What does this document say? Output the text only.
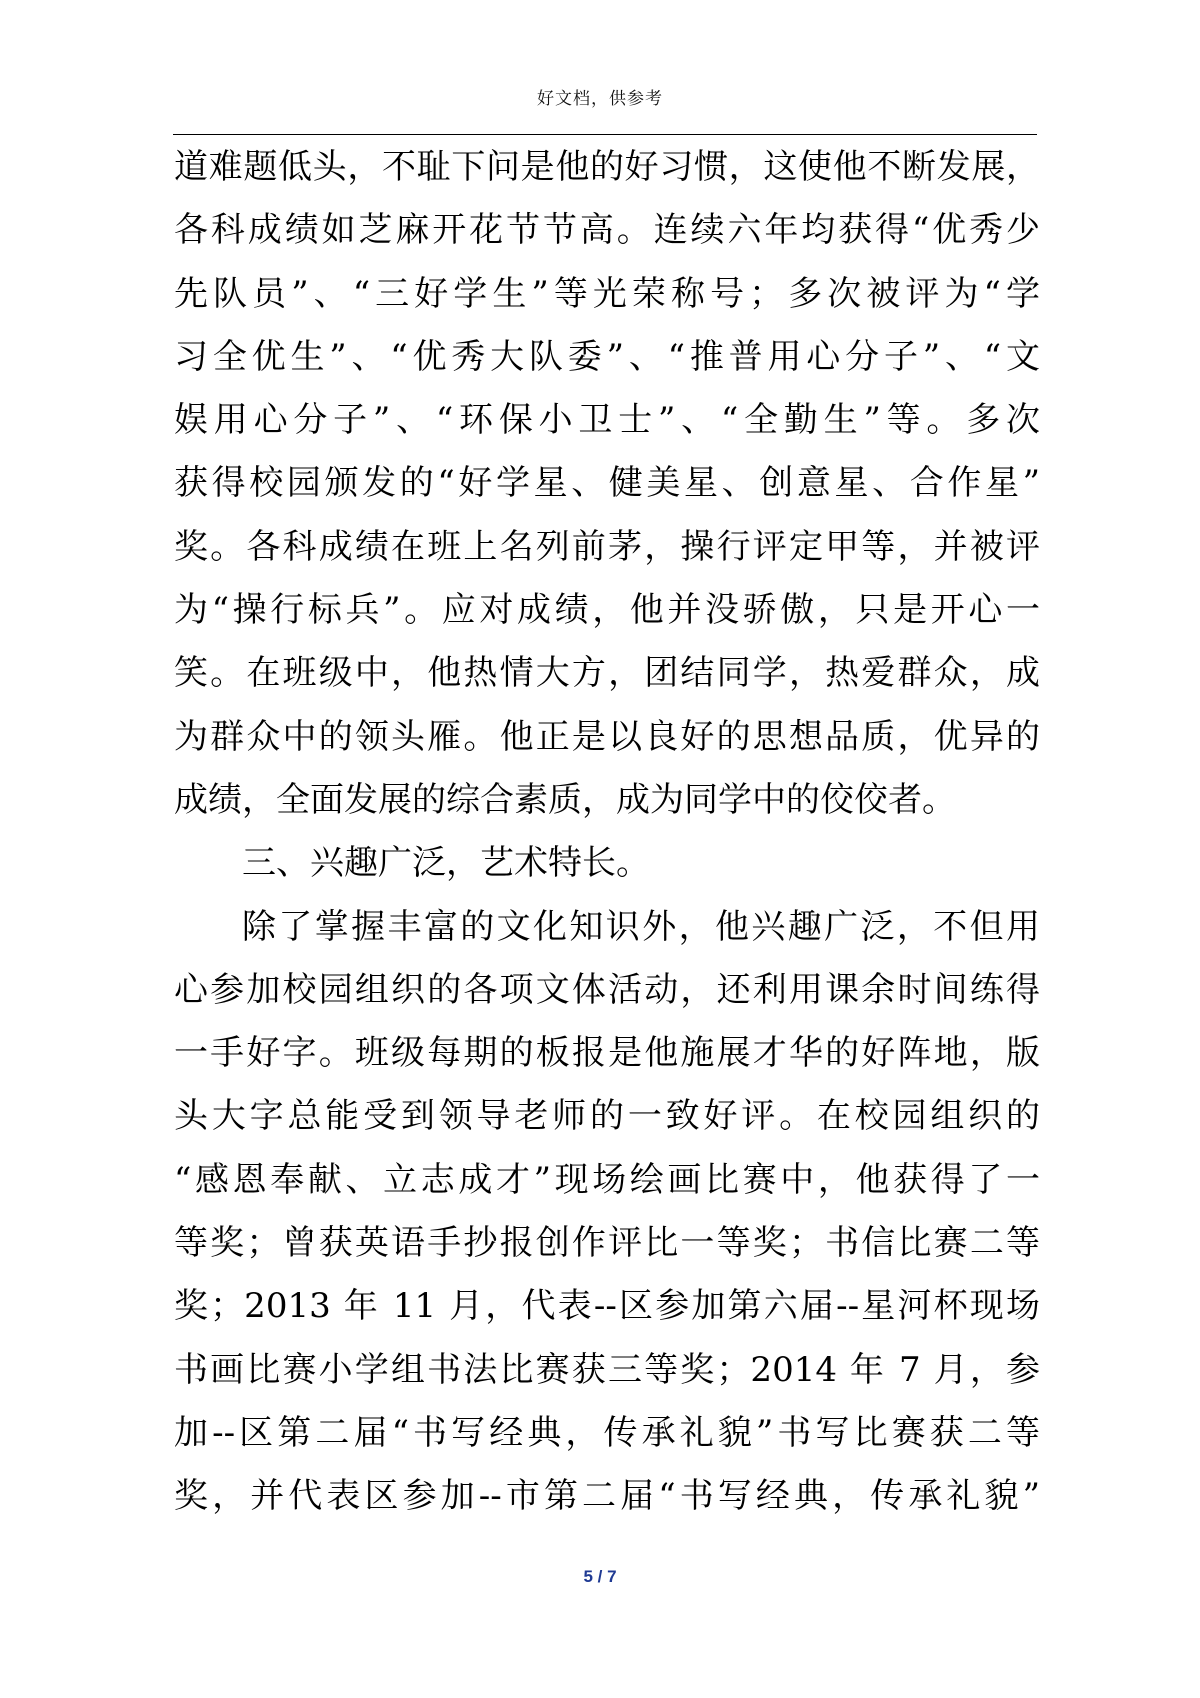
好文档，供参考
道难题低头，不耻下问是他的好习惯，这使他不断发展，
各科成绩如芝麻开花节节高。连续六年均获得“优秀少
先队员”、“三好学生”等光荣称号；多次被评为“学
习全优生”、“优秀大队委”、“推普用心分子”、“文
娱用心分子”、“环保小卫士”、“全勤生”等。多次
获得校园颁发的“好学星、健美星、创意星、合作星”
奖。各科成绩在班上名列前茅，操行评定甲等，并被评
为“操行标兵”。应对成绩，他并没骄傲，只是开心一
笑。在班级中，他热情大方，团结同学，热爱群众，成
为群众中的领头雁。他正是以良好的思想品质，优异的
成绩，全面发展的综合素质，成为同学中的佼佼者。
三、兴趣广泛，艺术特长。
除了掌握丰富的文化知识外，他兴趣广泛，不但用
心参加校园组织的各项文体活动，还利用课余时间练得
一手好字。班级每期的板报是他施展才华的好阵地，版
头大字总能受到领导老师的一致好评。在校园组织的
“感恩奉献、立志成才”现场绘画比赛中，他获得了一
等奖；曾获英语手抄报创作评比一等奖；书信比赛二等
奖；2013 年 11 月，代表--区参加第六届--星河杯现场
书画比赛小学组书法比赛获三等奖；2014 年 7 月，参
加--区第二届“书写经典，传承礼貌”书写比赛获二等
奖，并代表区参加--市第二届“书写经典，传承礼貌”
5 / 7
